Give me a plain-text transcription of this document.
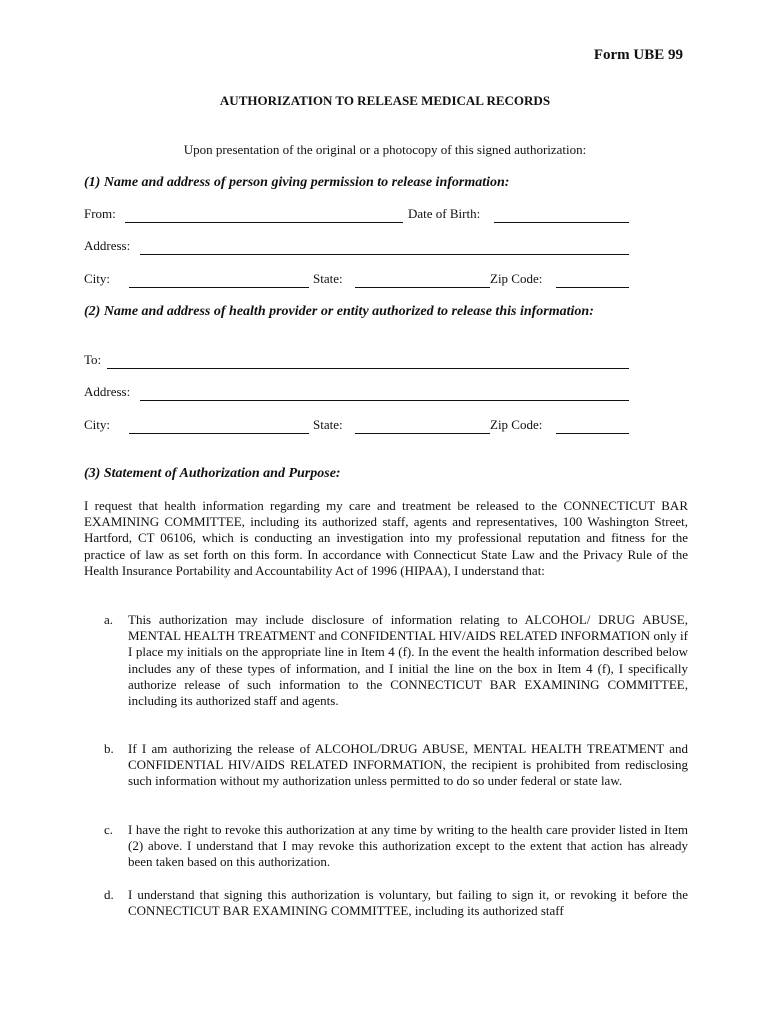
Form UBE 99
AUTHORIZATION TO RELEASE MEDICAL RECORDS
Upon presentation of the original or a photocopy of this signed authorization:
(1) Name and address of person giving permission to release information:
From:	Date of Birth:
Address:
City:	State:	Zip Code:
(2) Name and address of health provider or entity authorized to release this information:
To:
Address:
City:	State:	Zip Code:
(3) Statement of Authorization and Purpose:
I request that health information regarding my care and treatment be released to the CONNECTICUT BAR EXAMINING COMMITTEE, including its authorized staff, agents and representatives, 100 Washington Street, Hartford, CT 06106, which is conducting an investigation into my professional reputation and fitness for the practice of law as set forth on this form. In accordance with Connecticut State Law and the Privacy Rule of the Health Insurance Portability and Accountability Act of 1996 (HIPAA), I understand that:
a. This authorization may include disclosure of information relating to ALCOHOL/ DRUG ABUSE, MENTAL HEALTH TREATMENT and CONFIDENTIAL HIV/AIDS RELATED INFORMATION only if I place my initials on the appropriate line in Item 4 (f). In the event the health information described below includes any of these types of information, and I initial the line on the box in Item 4 (f), I specifically authorize release of such information to the CONNECTICUT BAR EXAMINING COMMITTEE, including its authorized staff and agents.
b. If I am authorizing the release of ALCOHOL/DRUG ABUSE, MENTAL HEALTH TREATMENT and CONFIDENTIAL HIV/AIDS RELATED INFORMATION, the recipient is prohibited from redisclosing such information without my authorization unless permitted to do so under federal or state law.
c. I have the right to revoke this authorization at any time by writing to the health care provider listed in Item (2) above. I understand that I may revoke this authorization except to the extent that action has already been taken based on this authorization.
d. I understand that signing this authorization is voluntary, but failing to sign it, or revoking it before the CONNECTICUT BAR EXAMINING COMMITTEE, including its authorized staff
